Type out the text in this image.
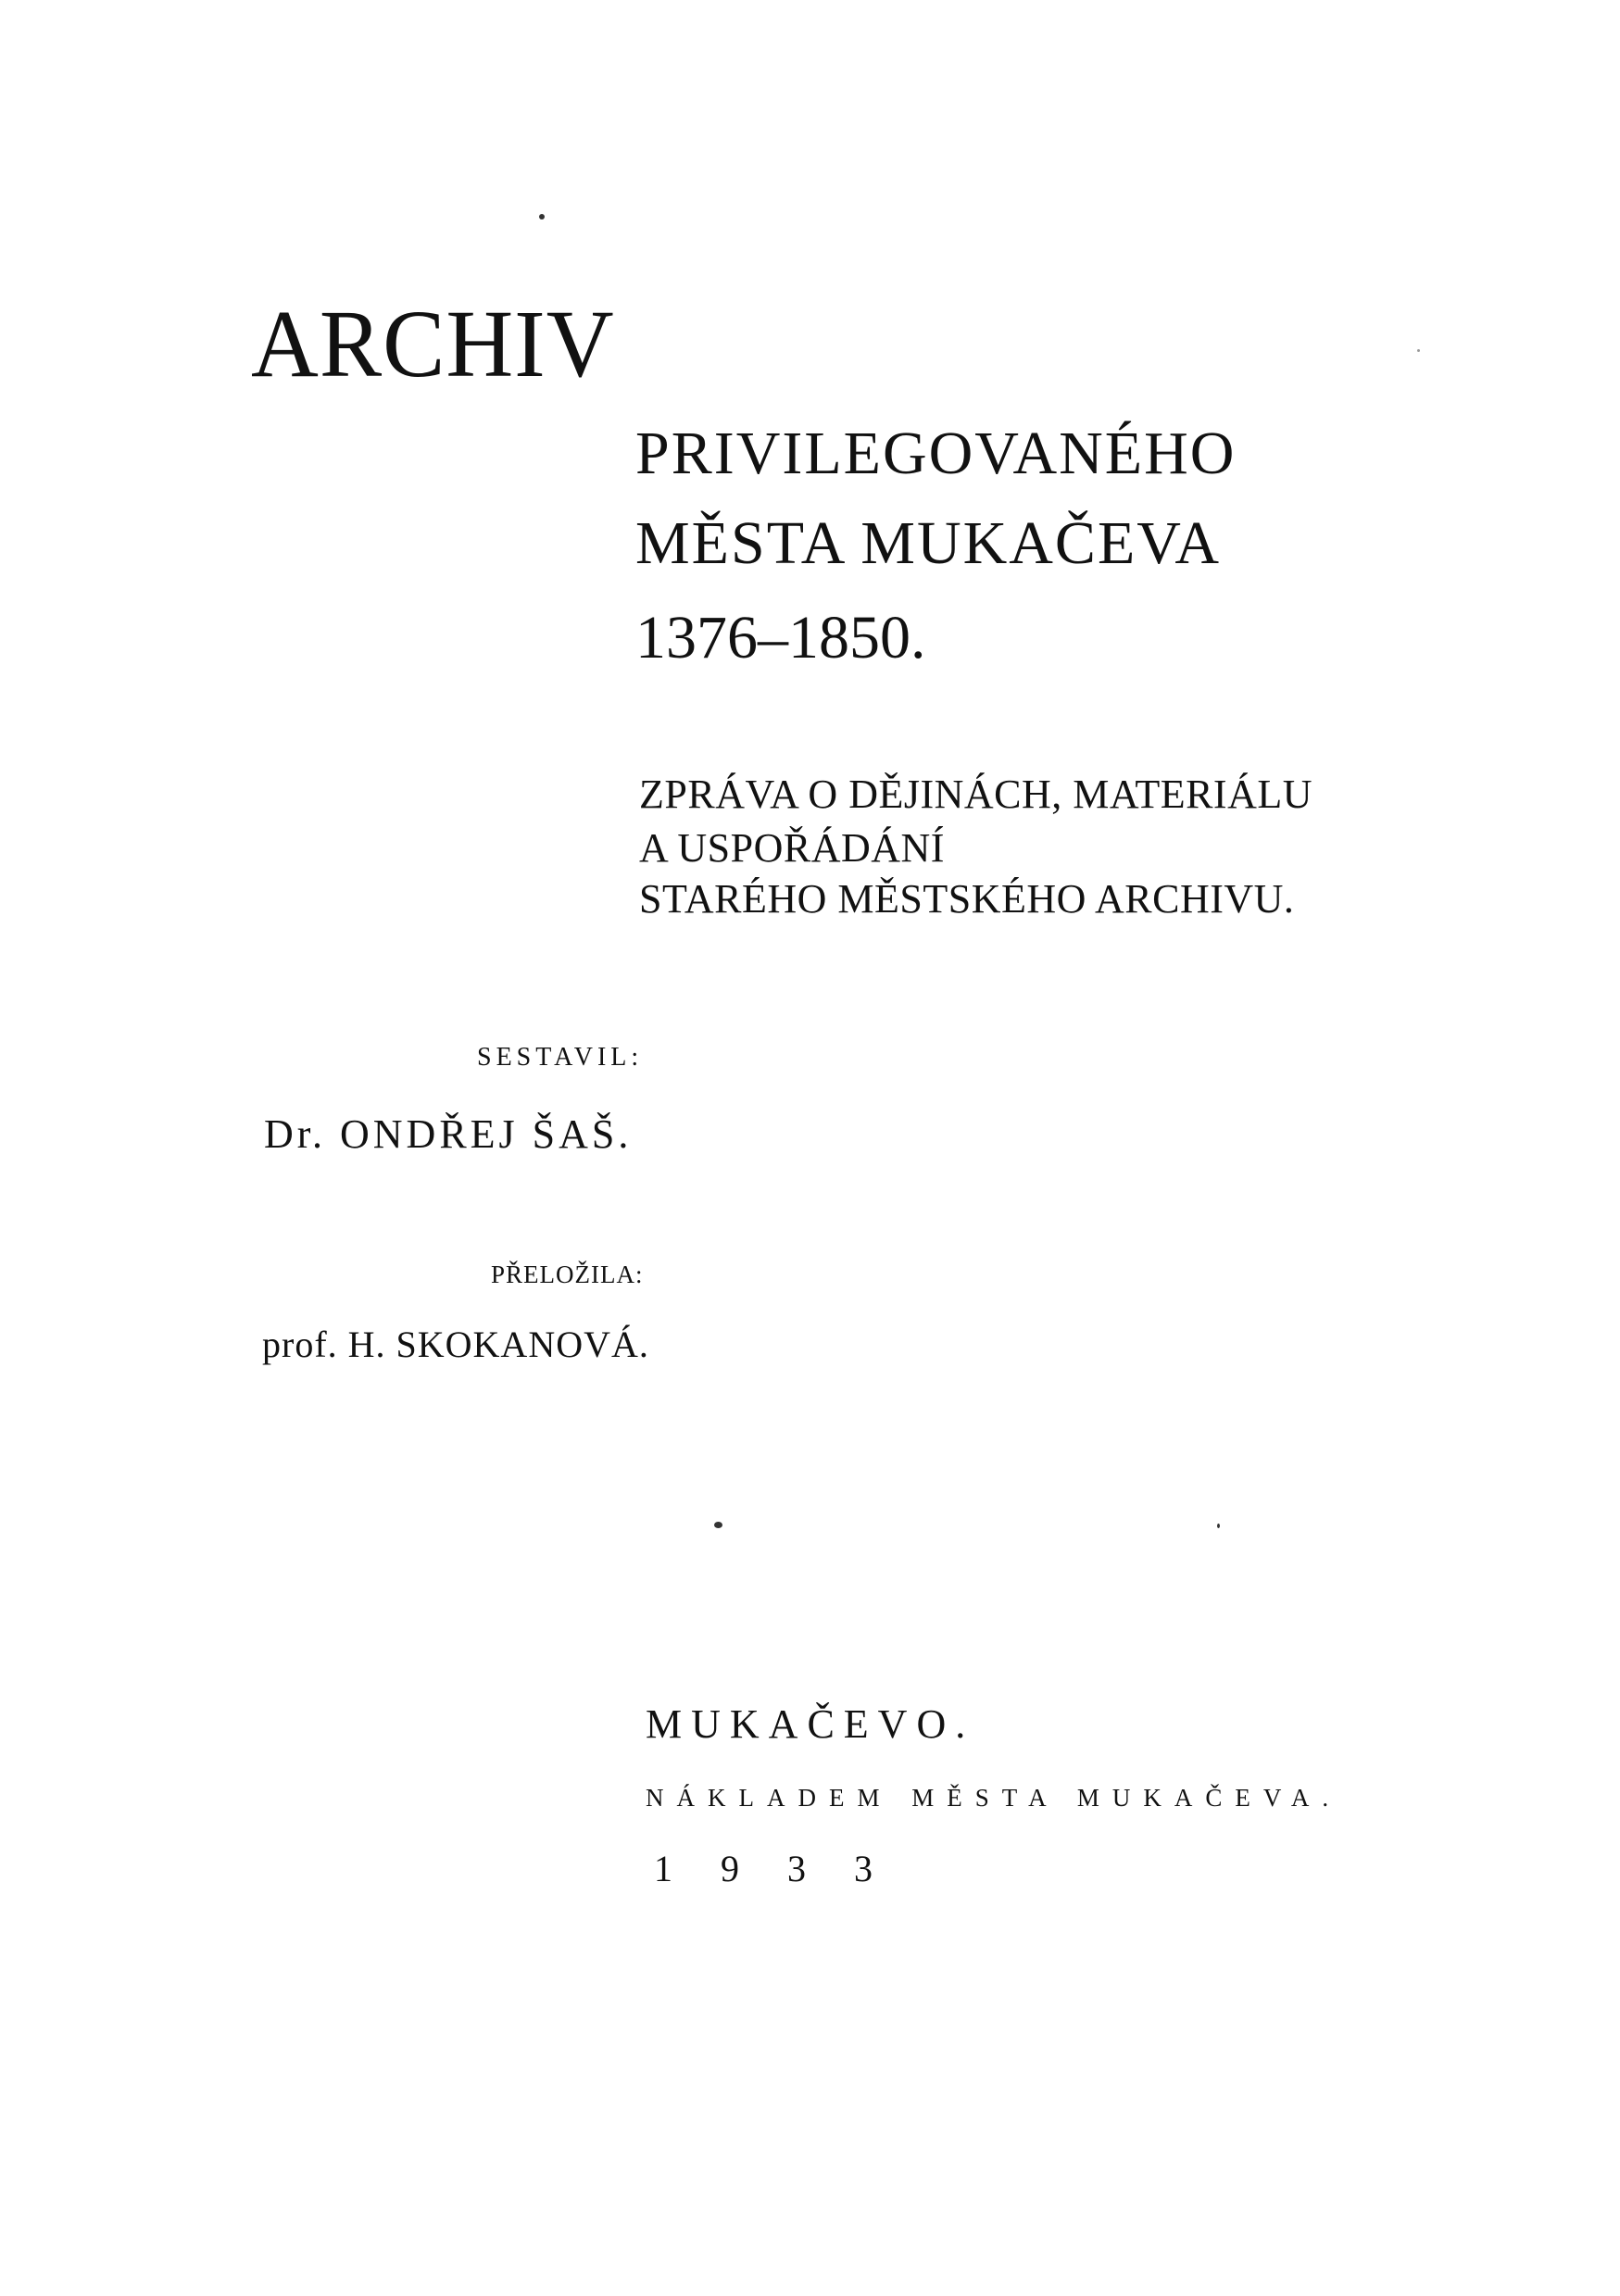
ARCHIV
PRIVILEGOVANÉHO
MĚSTA MUKAČEVA
1376–1850.
ZPRÁVA O DĚJINÁCH, MATERIÁLU
A USPOŘÁDÁNÍ
STARÉHO MĚSTSKÉHO ARCHIVU.
SESTAVIL:
Dr. ONDŘEJ ŠAŠ.
PŘELOŽILA:
prof. H. SKOKANOVÁ.
MUKAČEVO.
NÁKLADEM MĚSTA MUKAČEVA.
1933
